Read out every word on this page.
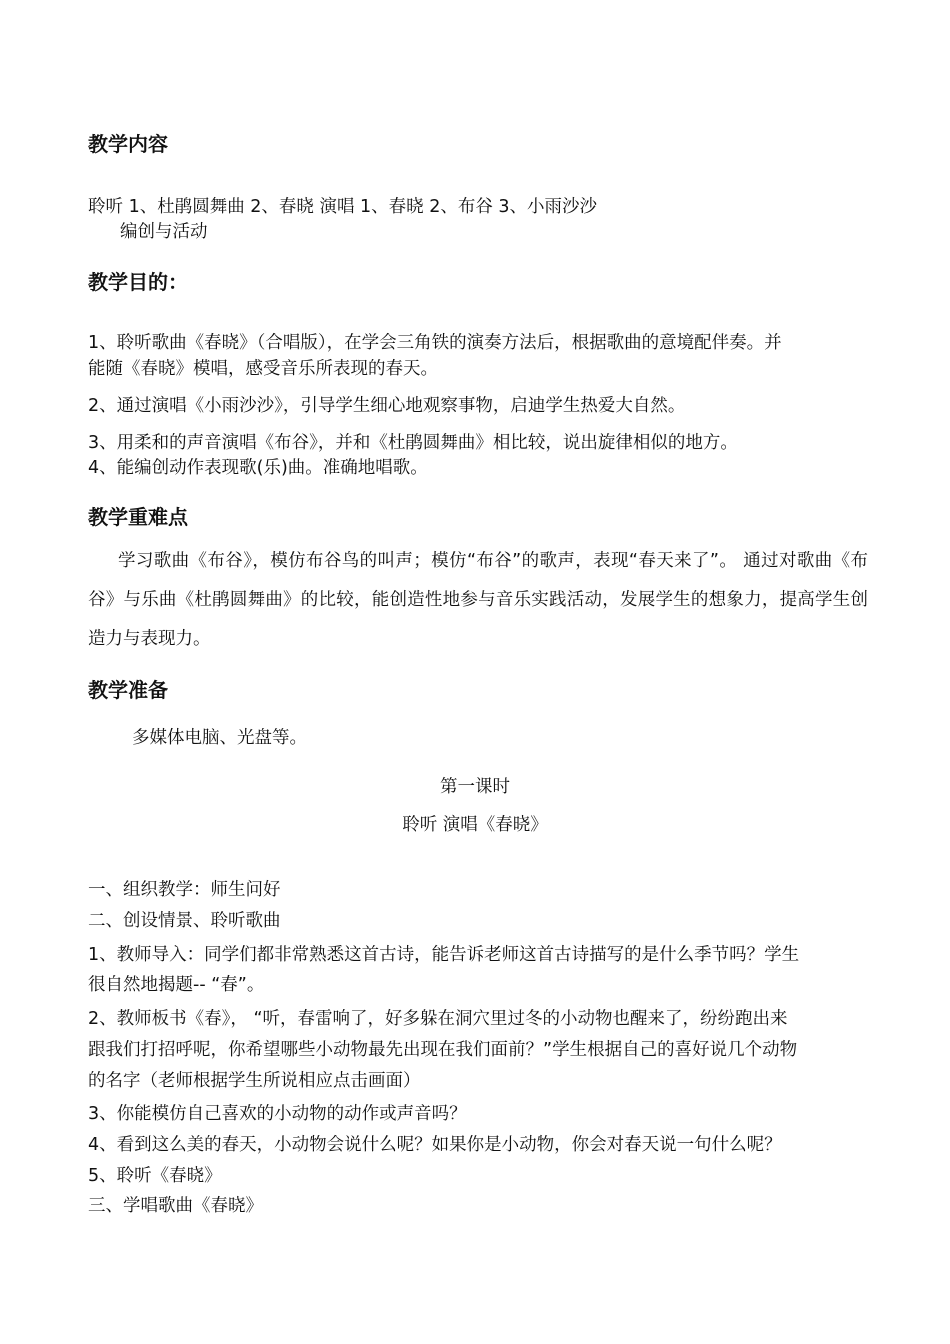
教学内容

聆听 1、杜鹃圆舞曲 2、春晓 演唱 1、春晓 2、布谷 3、小雨沙沙

编创与活动

教学目的：

1、聆听歌曲《春晓》（合唱版），在学会三角铁的演奏方法后，根据歌曲的意境配伴奏。并

能随《春晓》模唱，感受音乐所表现的春天。

2、通过演唱《小雨沙沙》，引导学生细心地观察事物，启迪学生热爱大自然。

3、用柔和的声音演唱《布谷》，并和《杜鹃圆舞曲》相比较，说出旋律相似的地方。

4、能编创动作表现歌(乐)曲。准确地唱歌。

教学重难点

学习歌曲《布谷》，模仿布谷鸟的叫声；模仿“布谷”的歌声，表现“春天来了”。 通过对歌曲《布谷》与乐曲《杜鹃圆舞曲》的比较，能创造性地参与音乐实践活动，发展学生的想象力，提高学生创造力与表现力。

教学准备

多媒体电脑、光盘等。

第一课时

聆听 演唱《春晓》

一、组织教学：师生问好

二、创设情景、聆听歌曲

1、教师导入：同学们都非常熟悉这首古诗，能告诉老师这首古诗描写的是什么季节吗？学生

很自然地揭题-- “春”。

2、教师板书《春》， “听，春雷响了，好多躲在洞穴里过冬的小动物也醒来了，纷纷跑出来

跟我们打招呼呢，你希望哪些小动物最先出现在我们面前？”学生根据自己的喜好说几个动物

的名字（老师根据学生所说相应点击画面）

3、你能模仿自己喜欢的小动物的动作或声音吗？

4、看到这么美的春天，小动物会说什么呢？如果你是小动物，你会对春天说一句什么呢？

5、聆听《春晓》

三、学唱歌曲《春晓》
